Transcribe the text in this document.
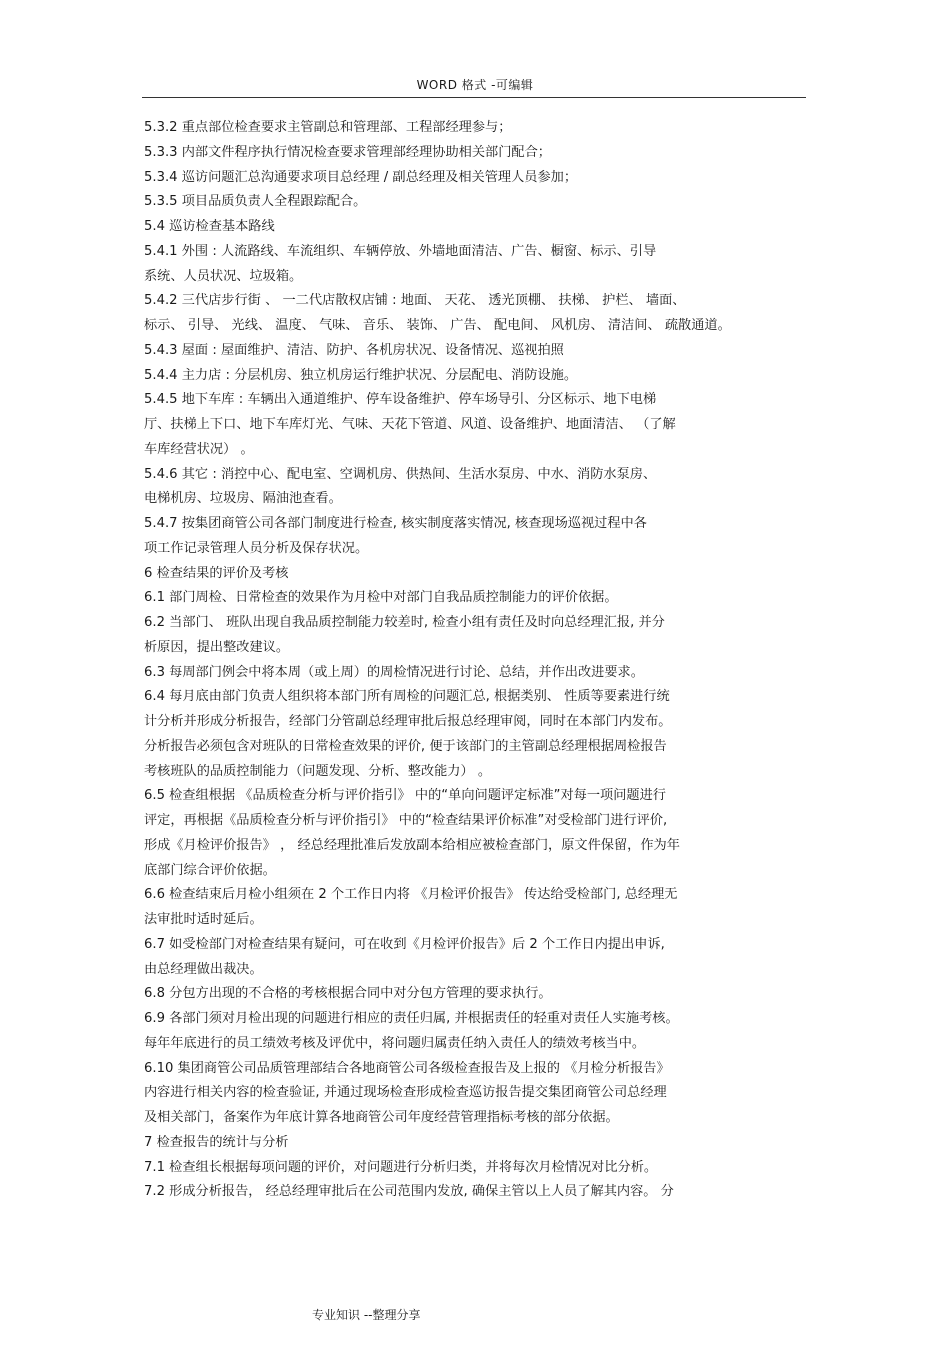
WORD 格式 -可编辑
5.3.2 重点部位检查要求主管副总和管理部、工程部经理参与；
5.3.3 内部文件程序执行情况检查要求管理部经理协助相关部门配合；
5.3.4 巡访问题汇总沟通要求项目总经理 / 副总经理及相关管理人员参加；
5.3.5 项目品质负责人全程跟踪配合。
5.4 巡访检查基本路线
5.4.1 外围 : 人流路线、车流组织、车辆停放、外墙地面清洁、广告、橱窗、标示、引导
系统、人员状况、垃圾箱。
5.4.2 三代店步行街 、 一二代店散权店铺 : 地面、 天花、 透光顶棚、 扶梯、 护栏、 墙面、
标示、 引导、 光线、 温度、 气味、 音乐、 装饰、 广告、 配电间、 风机房、 清洁间、 疏散通道。
5.4.3 屋面 : 屋面维护、清洁、防护、各机房状况、设备情况、巡视拍照
5.4.4 主力店 : 分层机房、独立机房运行维护状况、分层配电、消防设施。
5.4.5 地下车库 : 车辆出入通道维护、停车设备维护、停车场导引、分区标示、地下电梯
厅、扶梯上下口、地下车库灯光、气味、天花下管道、风道、设备维护、地面清洁、 （了解
车库经营状况） 。
5.4.6 其它 : 消控中心、配电室、空调机房、供热间、生活水泵房、中水、消防水泵房、
电梯机房、垃圾房、隔油池查看。
5.4.7 按集团商管公司各部门制度进行检查, 核实制度落实情况, 核查现场巡视过程中各
项工作记录管理人员分析及保存状况。
6 检查结果的评价及考核
6.1 部门周检、日常检查的效果作为月检中对部门自我品质控制能力的评价依据。
6.2 当部门、 班队出现自我品质控制能力较差时, 检查小组有责任及时向总经理汇报, 并分
析原因，提出整改建议。
6.3 每周部门例会中将本周（或上周）的周检情况进行讨论、总结，并作出改进要求。
6.4 每月底由部门负责人组织将本部门所有周检的问题汇总, 根据类别、 性质等要素进行统
计分析并形成分析报告，经部门分管副总经理审批后报总经理审阅，同时在本部门内发布。
分析报告必须包含对班队的日常检查效果的评价, 便于该部门的主管副总经理根据周检报告
考核班队的品质控制能力（问题发现、分析、整改能力） 。
6.5 检查组根据 《品质检查分析与评价指引》 中的“单向问题评定标准”对每一项问题进行
评定，再根据《品质检查分析与评价指引》 中的“检查结果评价标准”对受检部门进行评价,
形成《月检评价报告》 ， 经总经理批准后发放副本给相应被检查部门，原文件保留，作为年
底部门综合评价依据。
6.6 检查结束后月检小组须在 2 个工作日内将 《月检评价报告》 传达给受检部门, 总经理无
法审批时适时延后。
6.7 如受检部门对检查结果有疑问，可在收到《月检评价报告》后 2 个工作日内提出申诉,
由总经理做出裁决。
6.8 分包方出现的不合格的考核根据合同中对分包方管理的要求执行。
6.9 各部门须对月检出现的问题进行相应的责任归属, 并根据责任的轻重对责任人实施考核。
每年年底进行的员工绩效考核及评优中，将问题归属责任纳入责任人的绩效考核当中。
6.10 集团商管公司品质管理部结合各地商管公司各级检查报告及上报的 《月检分析报告》
内容进行相关内容的检查验证, 并通过现场检查形成检查巡访报告提交集团商管公司总经理
及相关部门，备案作为年底计算各地商管公司年度经营管理指标考核的部分依据。
7 检查报告的统计与分析
7.1 检查组长根据每项问题的评价，对问题进行分析归类，并将每次月检情况对比分析。
7.2 形成分析报告， 经总经理审批后在公司范围内发放, 确保主管以上人员了解其内容。 分
专业知识 --整理分享
